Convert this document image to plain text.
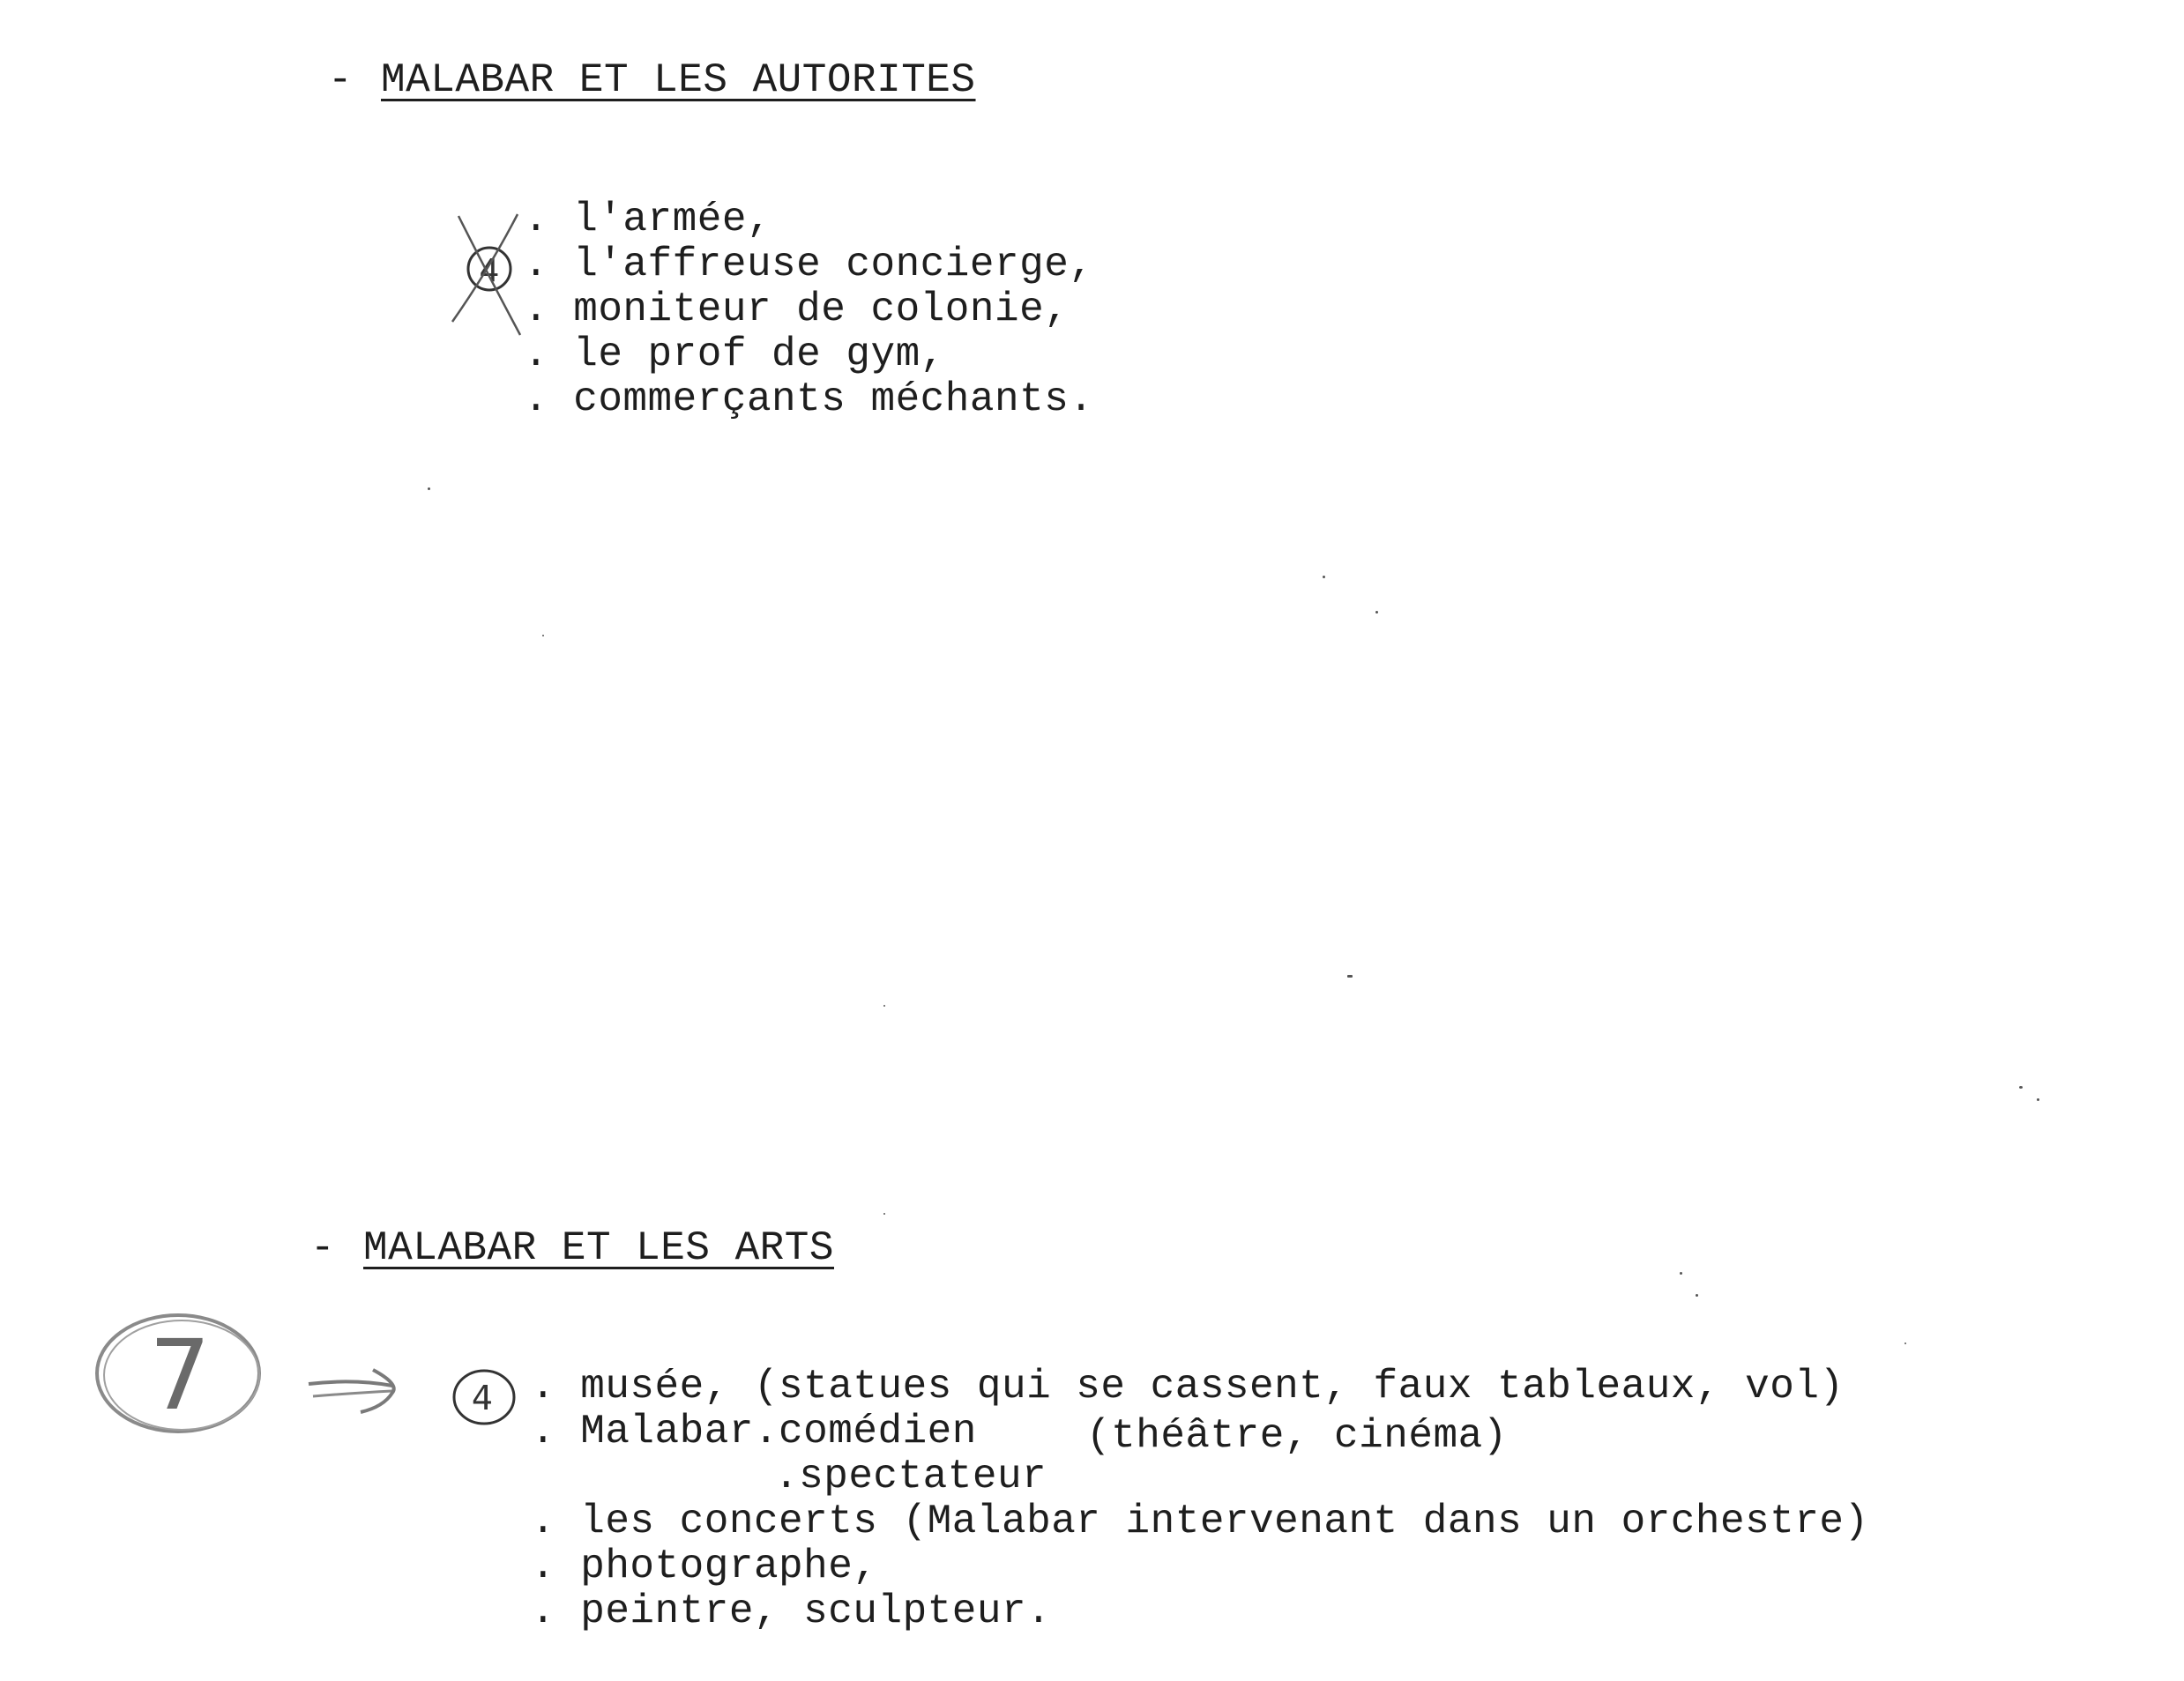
- MALABAR ET LES AUTORITES
4
. l'armée,
. l'affreuse concierge,
. moniteur de colonie,
. le prof de gym,
. commerçants méchants.
- MALABAR ET LES ARTS
7	4 . musée, (statues qui se cassent, faux tableaux, vol)
. Malabar.comédien	(théâtre, cinéma)
.spectateur
. les concerts (Malabar intervenant dans un orchestre)
. photographe,
. peintre, sculpteur.
